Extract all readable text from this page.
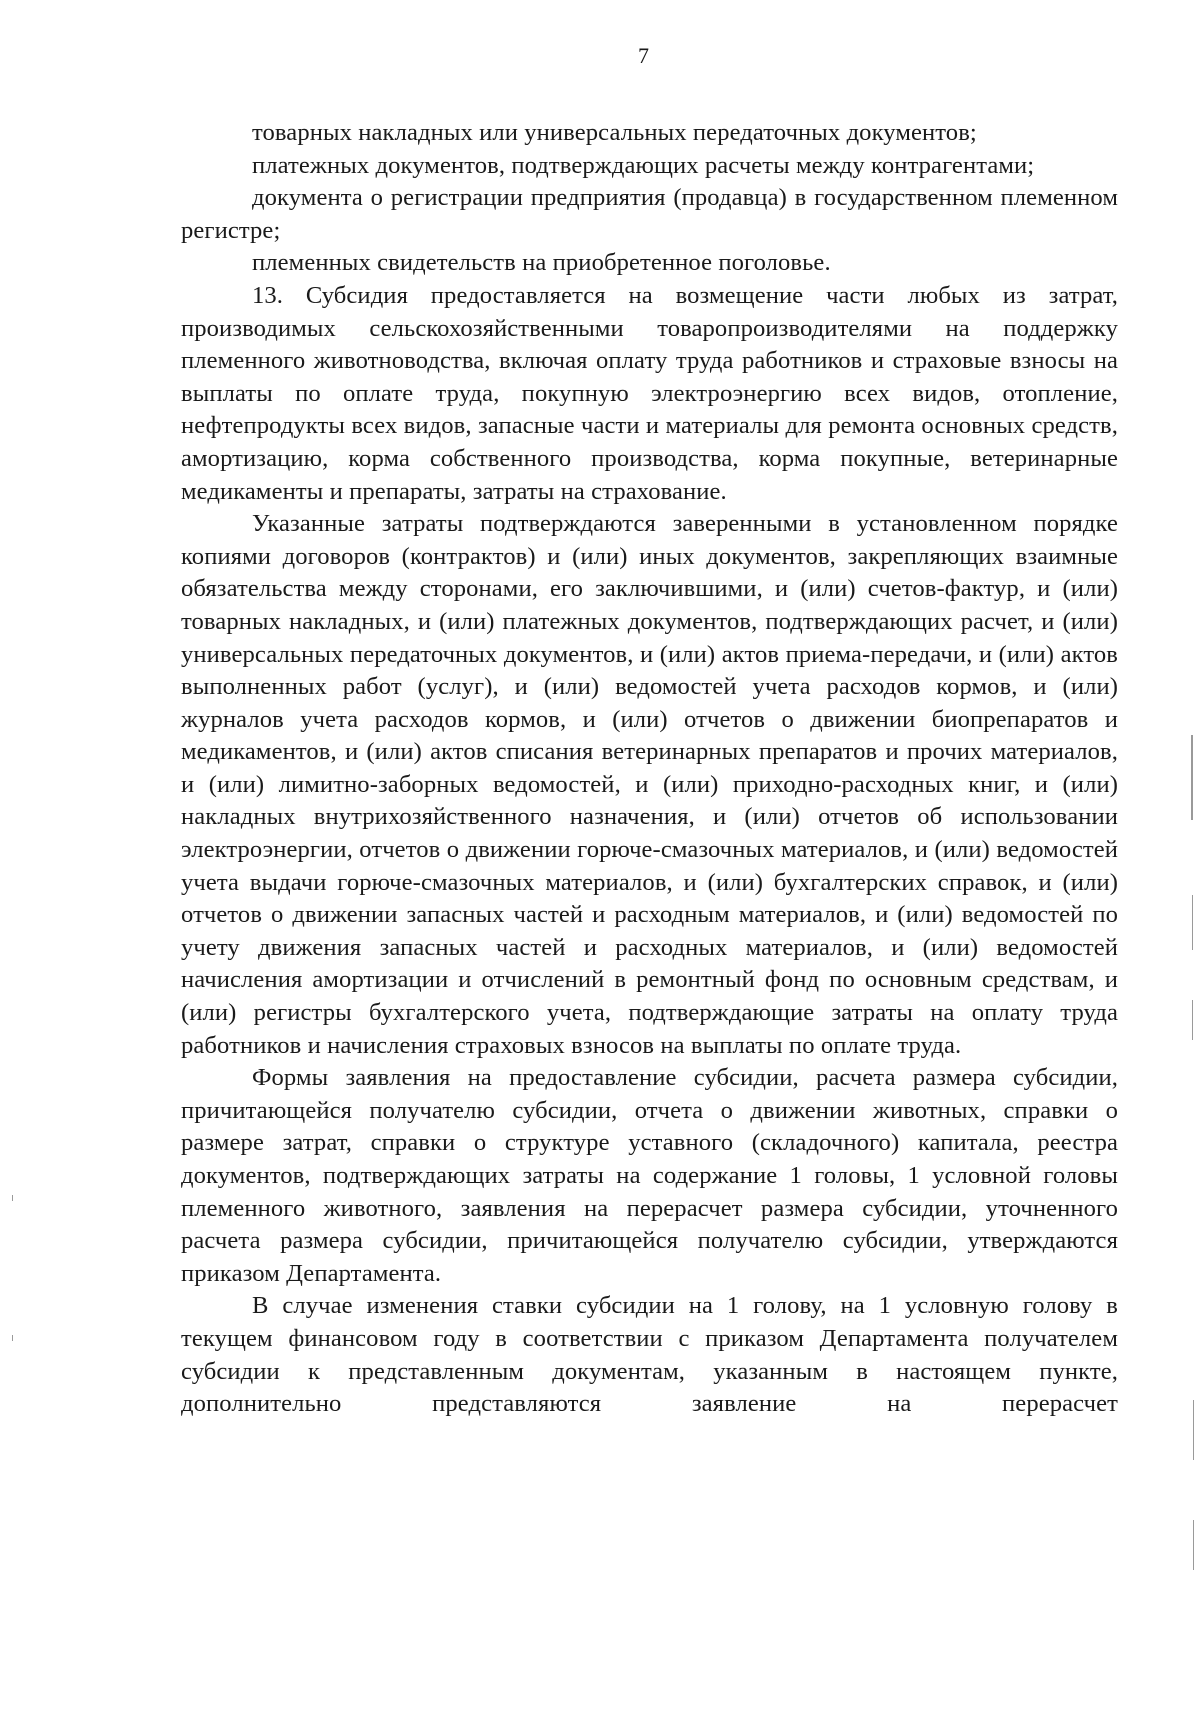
7

товарных накладных или универсальных передаточных документов;

платежных документов, подтверждающих расчеты между контрагентами;

документа о регистрации предприятия (продавца) в государственном племенном регистре;

племенных свидетельств на приобретенное поголовье.

13. Субсидия предоставляется на возмещение части любых из затрат, производимых сельскохозяйственными товаропроизводителями на поддержку племенного животноводства, включая оплату труда работников и страховые взносы на выплаты по оплате труда, покупную электроэнергию всех видов, отопление, нефтепродукты всех видов, запасные части и материалы для ремонта основных средств, амортизацию, корма собственного производства, корма покупные, ветеринарные медикаменты и препараты, затраты на страхование.

Указанные затраты подтверждаются заверенными в установленном порядке копиями договоров (контрактов) и (или) иных документов, закрепляющих взаимные обязательства между сторонами, его заключившими, и (или) счетов-фактур, и (или) товарных накладных, и (или) платежных документов, подтверждающих расчет, и (или) универсальных передаточных документов, и (или) актов приема-передачи, и (или) актов выполненных работ (услуг), и (или) ведомостей учета расходов кормов, и (или) журналов учета расходов кормов, и (или) отчетов о движении биопрепаратов и медикаментов, и (или) актов списания ветеринарных препаратов и прочих материалов, и (или) лимитно-заборных ведомостей, и (или) приходно-расходных книг, и (или) накладных внутрихозяйственного назначения, и (или) отчетов об использовании электроэнергии, отчетов о движении горюче-смазочных материалов, и (или) ведомостей учета выдачи горюче-смазочных материалов, и (или) бухгалтерских справок, и (или) отчетов о движении запасных частей и расходным материалов, и (или) ведомостей по учету движения запасных частей и расходных материалов, и (или) ведомостей начисления амортизации и отчислений в ремонтный фонд по основным средствам, и (или) регистры бухгалтерского учета, подтверждающие затраты на оплату труда работников и начисления страховых взносов на выплаты по оплате труда.

Формы заявления на предоставление субсидии, расчета размера субсидии, причитающейся получателю субсидии, отчета о движении животных, справки о размере затрат, справки о структуре уставного (складочного) капитала, реестра документов, подтверждающих затраты на содержание 1 головы, 1 условной головы племенного животного, заявления на перерасчет размера субсидии, уточненного расчета размера субсидии, причитающейся получателю субсидии, утверждаются приказом Департамента.

В случае изменения ставки субсидии на 1 голову, на 1 условную голову в текущем финансовом году в соответствии с приказом Департамента получателем субсидии к представленным документам, указанным в настоящем пункте, дополнительно представляются заявление на перерасчет
